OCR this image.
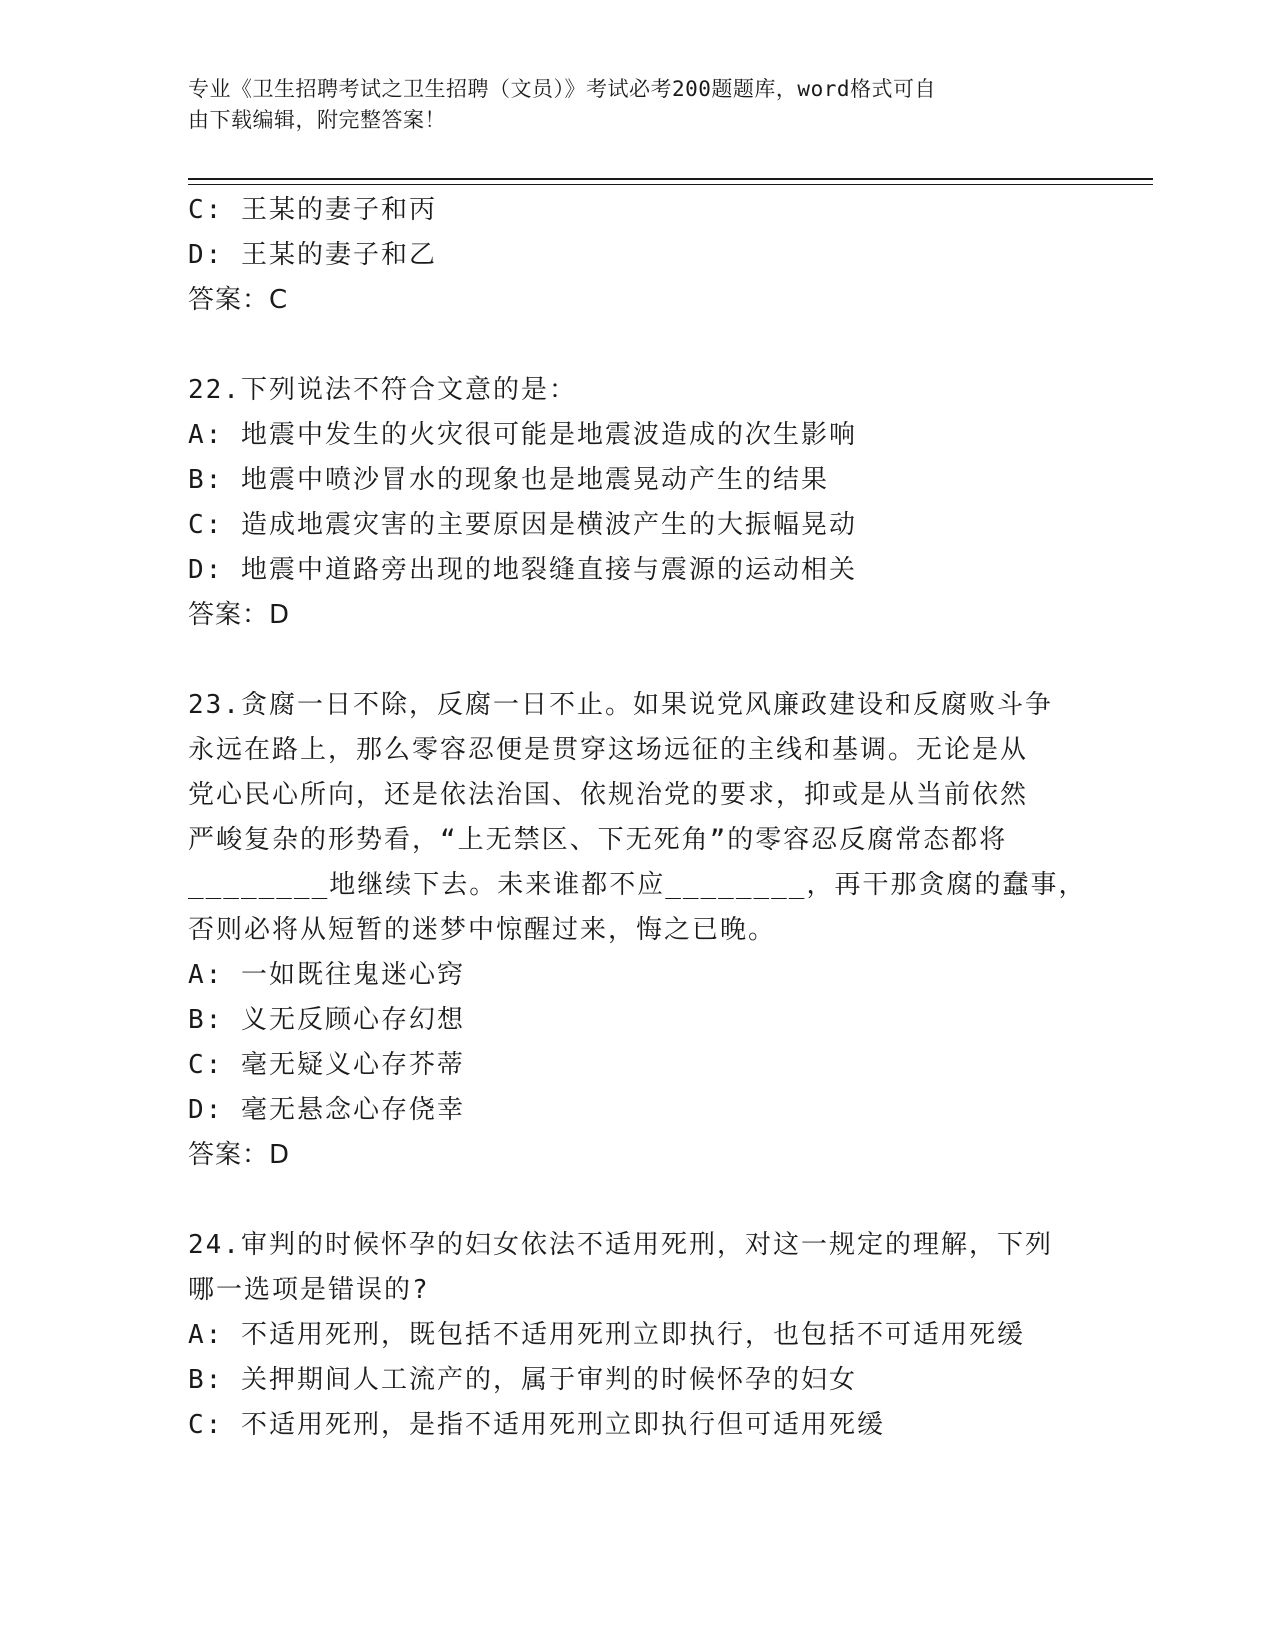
专业《卫生招聘考试之卫生招聘（文员）》考试必考200题题库，word格式可自
由下载编辑，附完整答案！
C: 王某的妻子和丙
D: 王某的妻子和乙
答案：C
22.下列说法不符合文意的是：
A: 地震中发生的火灾很可能是地震波造成的次生影响
B: 地震中喷沙冒水的现象也是地震晃动产生的结果
C: 造成地震灾害的主要原因是横波产生的大振幅晃动
D: 地震中道路旁出现的地裂缝直接与震源的运动相关
答案：D
23.贪腐一日不除，反腐一日不止。如果说党风廉政建设和反腐败斗争
永远在路上，那么零容忍便是贯穿这场远征的主线和基调。无论是从
党心民心所向，还是依法治国、依规治党的要求，抑或是从当前依然
严峻复杂的形势看，“上无禁区、下无死角”的零容忍反腐常态都将
________地继续下去。未来谁都不应________，再干那贪腐的蠢事，
否则必将从短暂的迷梦中惊醒过来，悔之已晚。
A: 一如既往鬼迷心窍
B: 义无反顾心存幻想
C: 毫无疑义心存芥蒂
D: 毫无悬念心存侥幸
答案：D
24.审判的时候怀孕的妇女依法不适用死刑，对这一规定的理解，下列
哪一选项是错误的?
A: 不适用死刑，既包括不适用死刑立即执行，也包括不可适用死缓
B: 关押期间人工流产的，属于审判的时候怀孕的妇女
C: 不适用死刑，是指不适用死刑立即执行但可适用死缓
